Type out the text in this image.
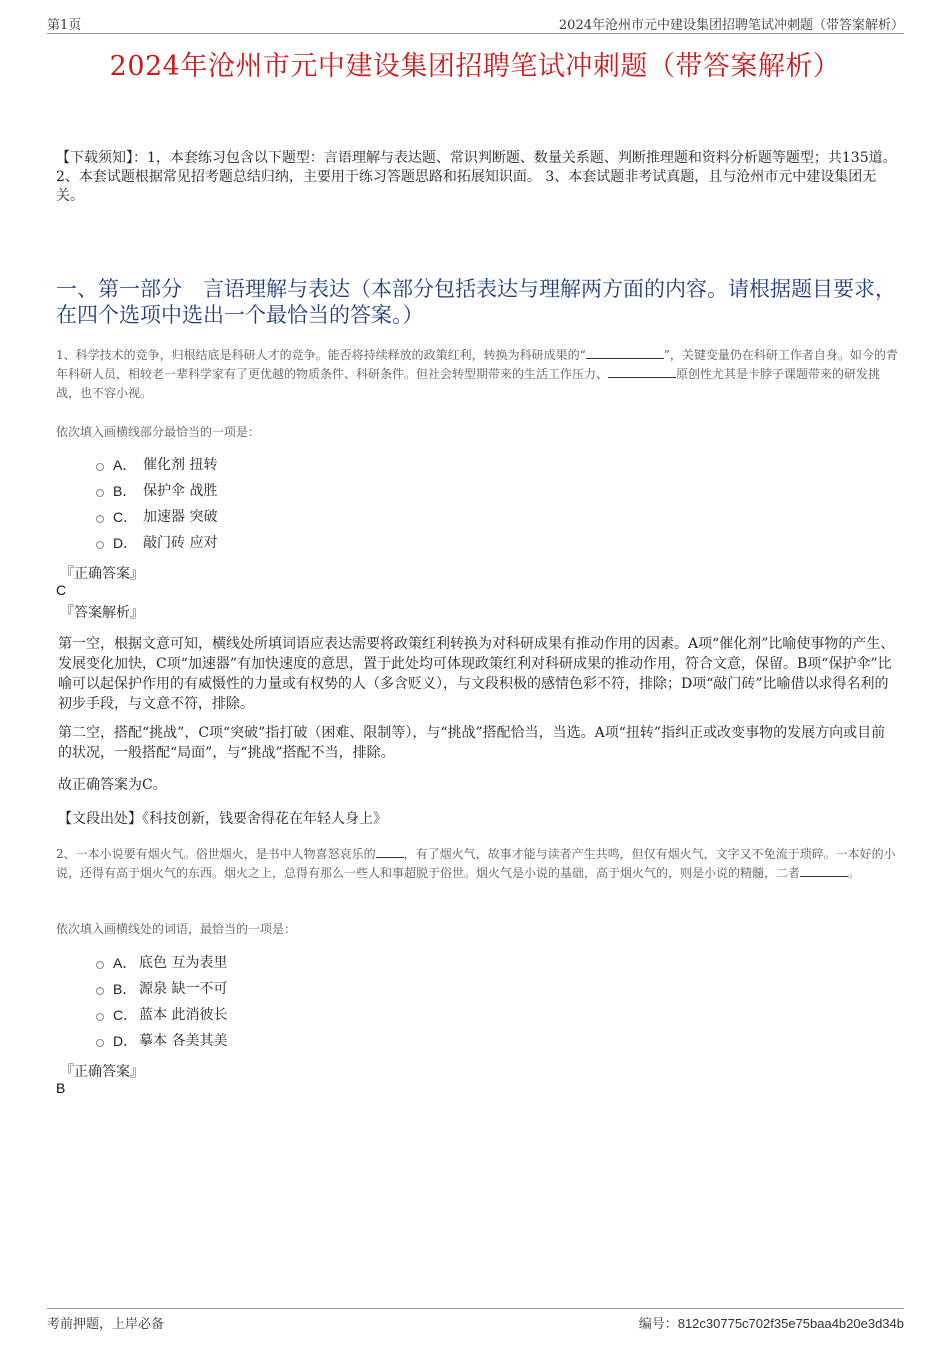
第1页	2024年沧州市元中建设集团招聘笔试冲刺题（带答案解析）
2024年沧州市元中建设集团招聘笔试冲刺题（带答案解析）
【下载须知】：1，本套练习包含以下题型：言语理解与表达题、常识判断题、数量关系题、判断推理题和资料分析题等题型；共135道。 2、本套试题根据常见招考题总结归纳，主要用于练习答题思路和拓展知识面。 3、本套试题非考试真题，且与沧州市元中建设集团无关。
一、第一部分　言语理解与表达（本部分包括表达与理解两方面的内容。请根据题目要求，在四个选项中选出一个最恰当的答案。）
1、科学技术的竞争，归根结底是科研人才的竞争。能否将持续释放的政策红利，转换为科研成果的“	”，关键变量仍在科研工作者自身。如今的青年科研人员，相较老一辈科学家有了更优越的物质条件、科研条件。但社会转型期带来的生活工作压力、	原创性尤其是卡脖子课题带来的研发挑战，也不容小视。
依次填入画横线部分最恰当的一项是：
A． 催化剂 扭转
B． 保护伞 战胜
C． 加速器 突破
D． 敲门砖 应对
『正确答案』
C
『答案解析』
第一空，根据文意可知，横线处所填词语应表达需要将政策红利转换为对科研成果有推动作用的因素。A项“催化剂”比喻使事物的产生、发展变化加快，C项“加速器”有加快速度的意思，置于此处均可体现政策红利对科研成果的推动作用，符合文意，保留。B项“保护伞”比喻可以起保护作用的有威慑性的力量或有权势的人（多含贬义），与文段积极的感情色彩不符，排除；D项“敲门砖”比喻借以求得名利的初步手段，与文意不符，排除。
第二空，搭配“挑战”，C项“突破”指打破（困难、限制等），与“挑战”搭配恰当，当选。A项“扭转”指纠正或改变事物的发展方向或目前的状况，一般搭配“局面”，与“挑战”搭配不当，排除。
故正确答案为C。
【文段出处】《科技创新，钱要舍得花在年轻人身上》
2、一本小说要有烟火气。俗世烟火，是书中人物喜怒哀乐的 ，有了烟火气，故事才能与读者产生共鸣，但仅有烟火气，文字又不免流于琐碎。一本好的小说，还得有高于烟火气的东西。烟火之上，总得有那么一些人和事超脱于俗世。烟火气是小说的基础，高于烟火气的，则是小说的精髓，二者	。
依次填入画横线处的词语，最恰当的一项是：
A． 底色 互为表里
B． 源泉 缺一不可
C． 蓝本 此消彼长
D． 摹本 各美其美
『正确答案』
B
考前押题，上岸必备	编号：812c30775c702f35e75baa4b20e3d34b
